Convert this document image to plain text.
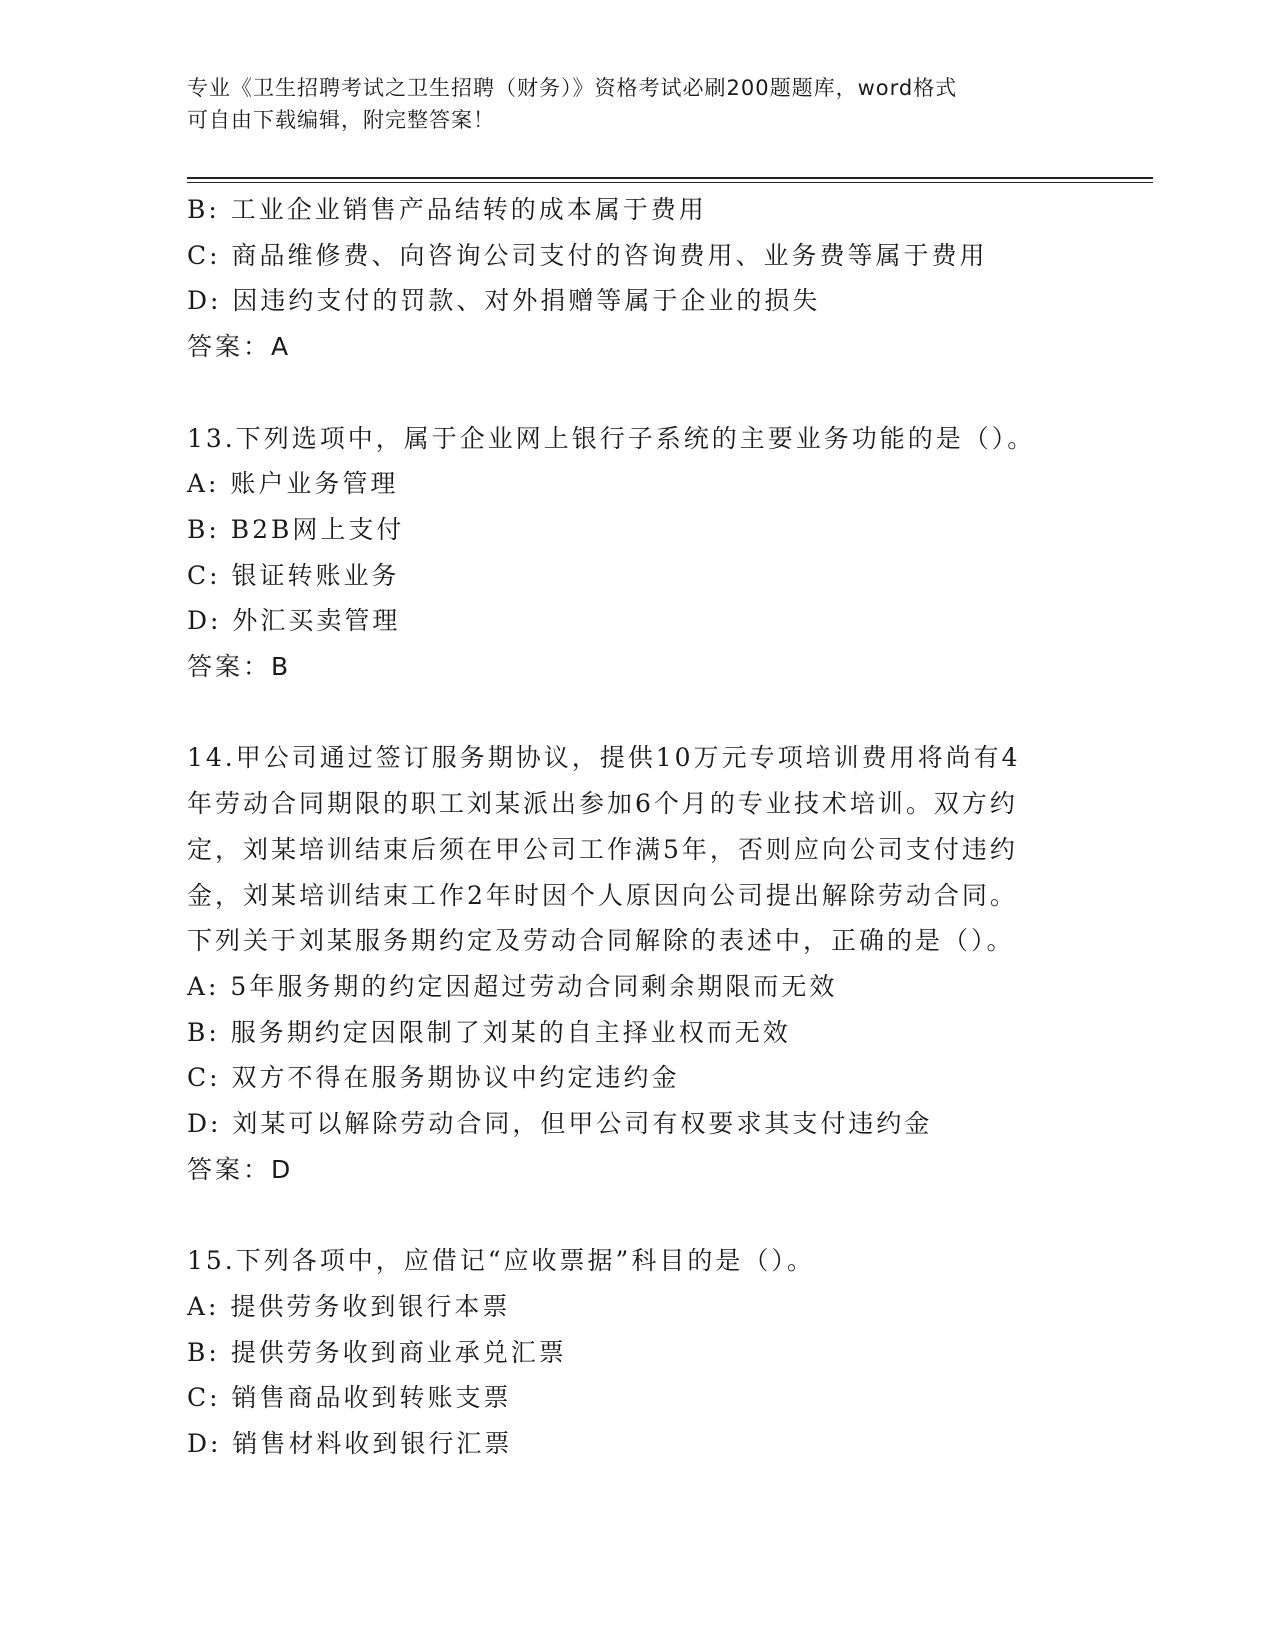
专业《卫生招聘考试之卫生招聘（财务）》资格考试必刷200题题库，word格式
可自由下载编辑，附完整答案！
B: 工业企业销售产品结转的成本属于费用
C: 商品维修费、向咨询公司支付的咨询费用、业务费等属于费用
D: 因违约支付的罚款、对外捐赠等属于企业的损失
答案：A
13.下列选项中，属于企业网上银行子系统的主要业务功能的是（）。
A: 账户业务管理
B: B2B网上支付
C: 银证转账业务
D: 外汇买卖管理
答案：B
14.甲公司通过签订服务期协议，提供10万元专项培训费用将尚有4
年劳动合同期限的职工刘某派出参加6个月的专业技术培训。双方约
定，刘某培训结束后须在甲公司工作满5年，否则应向公司支付违约
金，刘某培训结束工作2年时因个人原因向公司提出解除劳动合同。
下列关于刘某服务期约定及劳动合同解除的表述中，正确的是（）。
A: 5年服务期的约定因超过劳动合同剩余期限而无效
B: 服务期约定因限制了刘某的自主择业权而无效
C: 双方不得在服务期协议中约定违约金
D: 刘某可以解除劳动合同，但甲公司有权要求其支付违约金
答案：D
15.下列各项中，应借记“应收票据”科目的是（）。
A: 提供劳务收到银行本票
B: 提供劳务收到商业承兑汇票
C: 销售商品收到转账支票
D: 销售材料收到银行汇票
